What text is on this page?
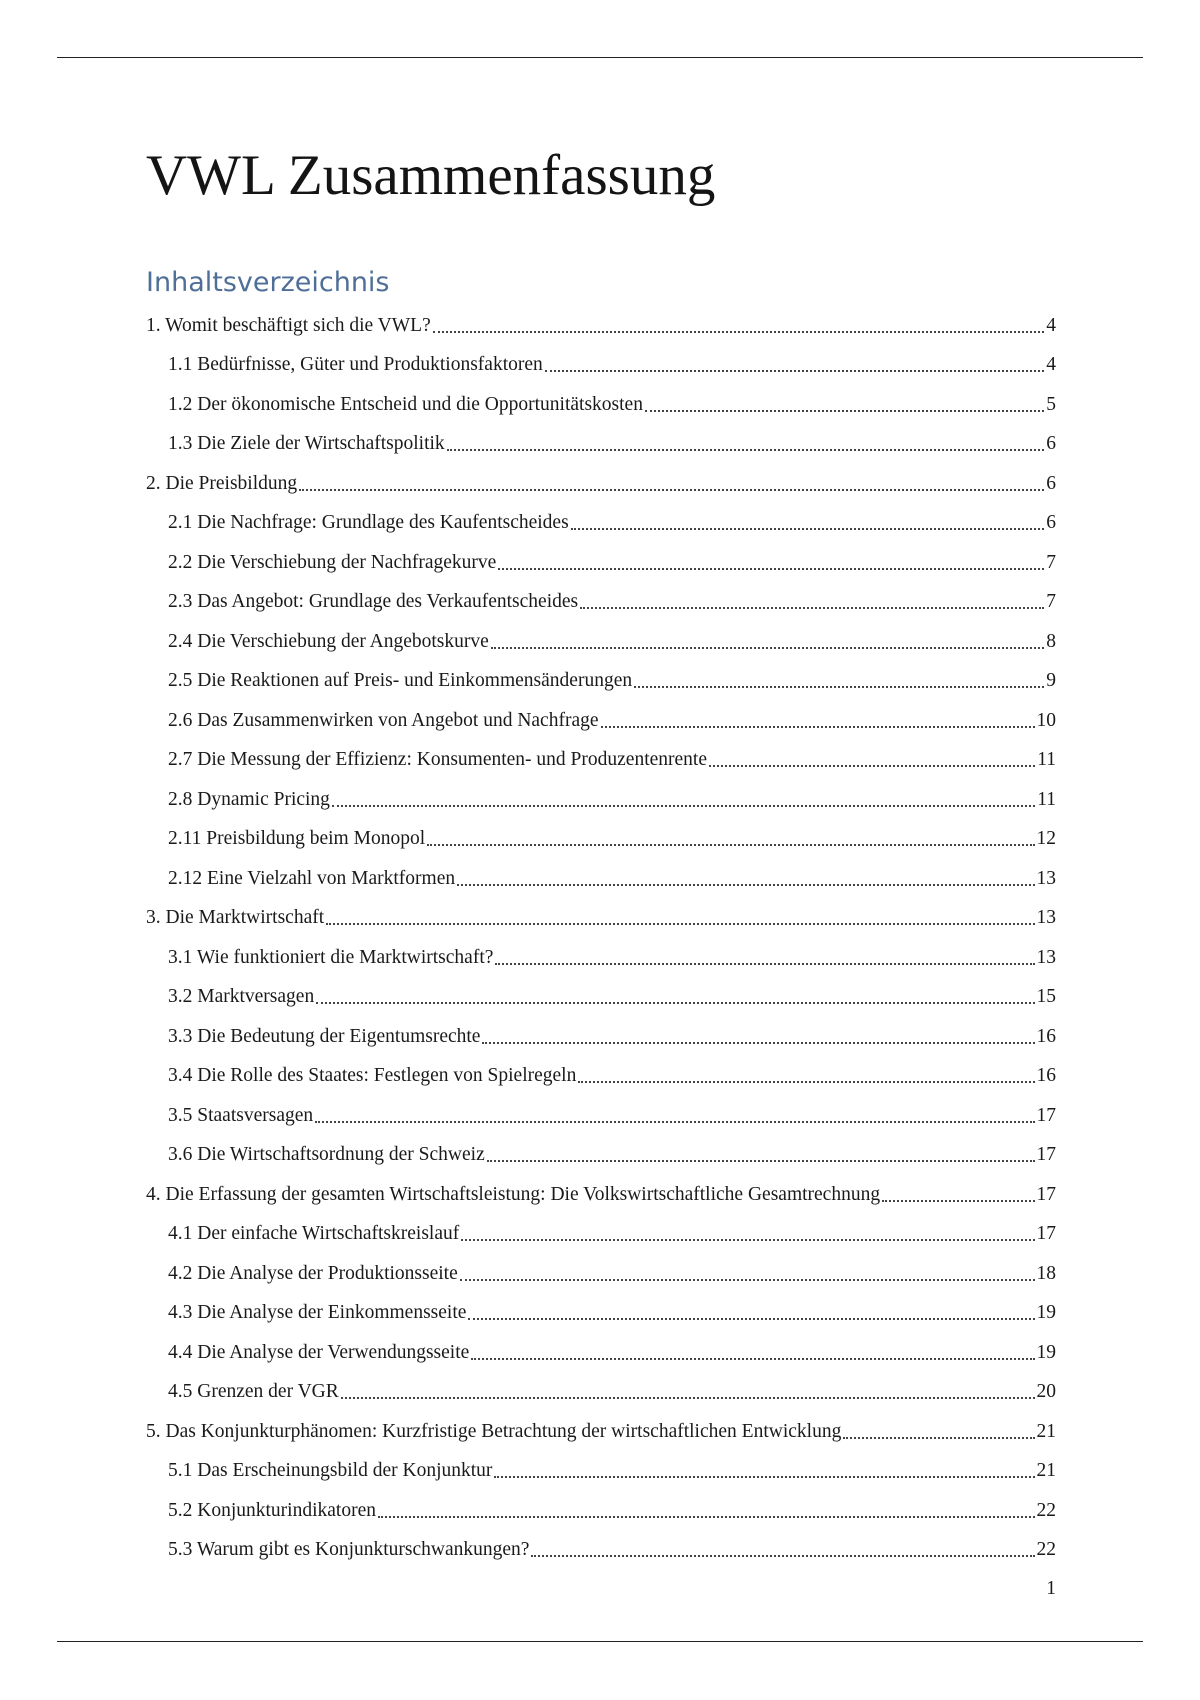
VWL Zusammenfassung
Inhaltsverzeichnis
1. Womit beschäftigt sich die VWL?	4
1.1 Bedürfnisse, Güter und Produktionsfaktoren	4
1.2 Der ökonomische Entscheid und die Opportunitätskosten	5
1.3 Die Ziele der Wirtschaftspolitik	6
2. Die Preisbildung	6
2.1 Die Nachfrage: Grundlage des Kaufentscheides	6
2.2 Die Verschiebung der Nachfragekurve	7
2.3 Das Angebot: Grundlage des Verkaufentscheides	7
2.4 Die Verschiebung der Angebotskurve	8
2.5 Die Reaktionen auf Preis- und Einkommensänderungen	9
2.6 Das Zusammenwirken von Angebot und Nachfrage	10
2.7 Die Messung der Effizienz: Konsumenten- und Produzentenrente	11
2.8 Dynamic Pricing	11
2.11 Preisbildung beim Monopol	12
2.12 Eine Vielzahl von Marktformen	13
3. Die Marktwirtschaft	13
3.1 Wie funktioniert die Marktwirtschaft?	13
3.2 Marktversagen	15
3.3 Die Bedeutung der Eigentumsrechte	16
3.4 Die Rolle des Staates: Festlegen von Spielregeln	16
3.5 Staatsversagen	17
3.6 Die Wirtschaftsordnung der Schweiz	17
4. Die Erfassung der gesamten Wirtschaftsleistung: Die Volkswirtschaftliche Gesamtrechnung	17
4.1 Der einfache Wirtschaftskreislauf	17
4.2 Die Analyse der Produktionsseite	18
4.3 Die Analyse der Einkommensseite	19
4.4 Die Analyse der Verwendungsseite	19
4.5 Grenzen der VGR	20
5. Das Konjunkturphänomen: Kurzfristige Betrachtung der wirtschaftlichen Entwicklung	21
5.1 Das Erscheinungsbild der Konjunktur	21
5.2 Konjunkturindikatoren	22
5.3 Warum gibt es Konjunkturschwankungen?	22
1
